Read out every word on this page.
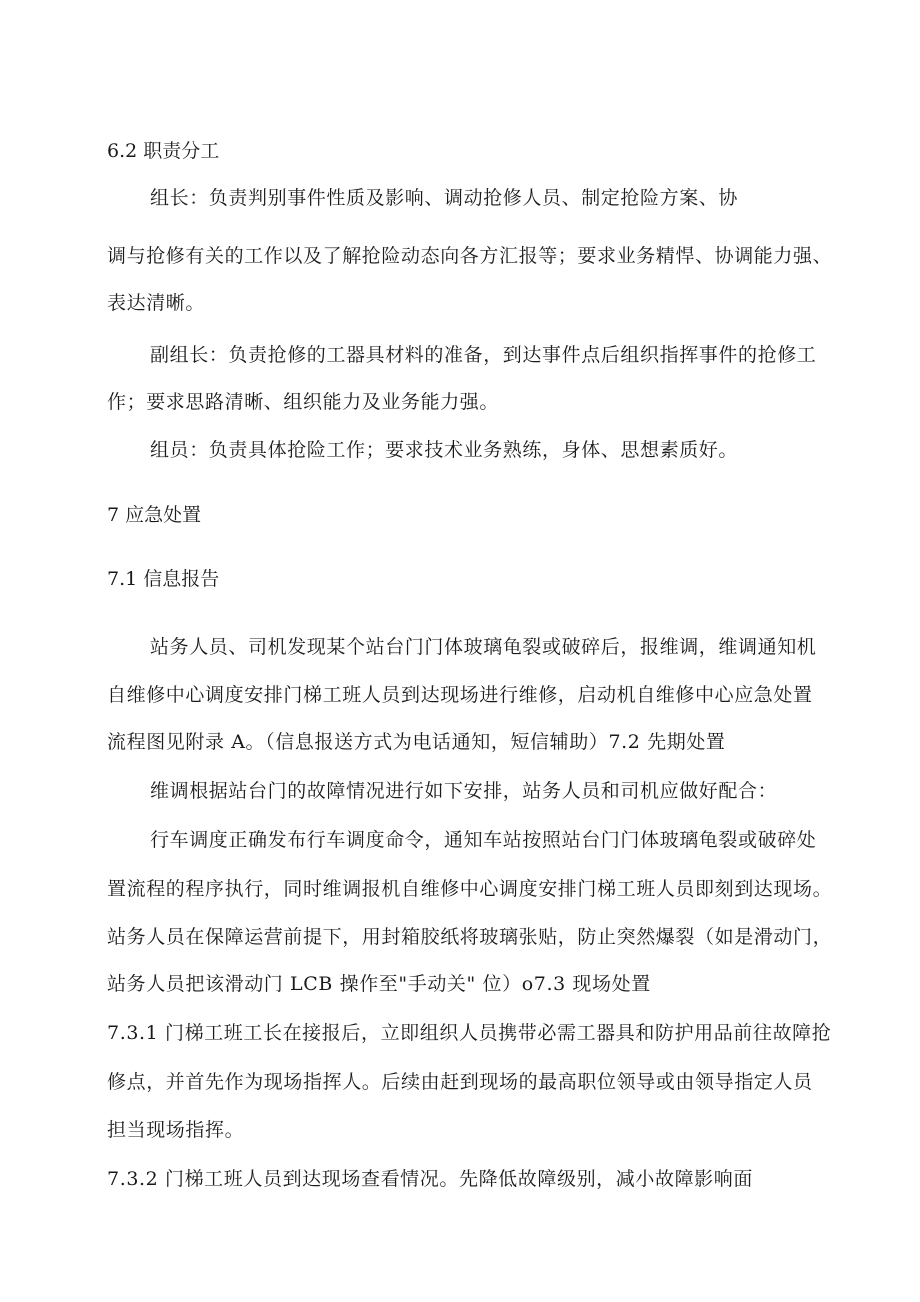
6.2 职责分工
组长：负责判别事件性质及影响、调动抢修人员、制定抢险方案、协
调与抢修有关的工作以及了解抢险动态向各方汇报等；要求业务精悍、协调能力强、
表达清晰。
副组长：负责抢修的工器具材料的准备，到达事件点后组织指挥事件的抢修工
作；要求思路清晰、组织能力及业务能力强。
组员：负责具体抢险工作；要求技术业务熟练，身体、思想素质好。
7 应急处置
7.1 信息报告
站务人员、司机发现某个站台门门体玻璃龟裂或破碎后，报维调，维调通知机
自维修中心调度安排门梯工班人员到达现场进行维修，启动机自维修中心应急处置
流程图见附录 A。（信息报送方式为电话通知，短信辅助）7.2 先期处置
维调根据站台门的故障情况进行如下安排，站务人员和司机应做好配合：
行车调度正确发布行车调度命令，通知车站按照站台门门体玻璃龟裂或破碎处
置流程的程序执行，同时维调报机自维修中心调度安排门梯工班人员即刻到达现场。
站务人员在保障运营前提下，用封箱胶纸将玻璃张贴，防止突然爆裂（如是滑动门，
站务人员把该滑动门 LCB 操作至"手动关" 位）o7.3 现场处置
7.3.1 门梯工班工长在接报后，立即组织人员携带必需工器具和防护用品前往故障抢
修点，并首先作为现场指挥人。后续由赶到现场的最高职位领导或由领导指定人员
担当现场指挥。
7.3.2 门梯工班人员到达现场查看情况。先降低故障级别，减小故障影响面
